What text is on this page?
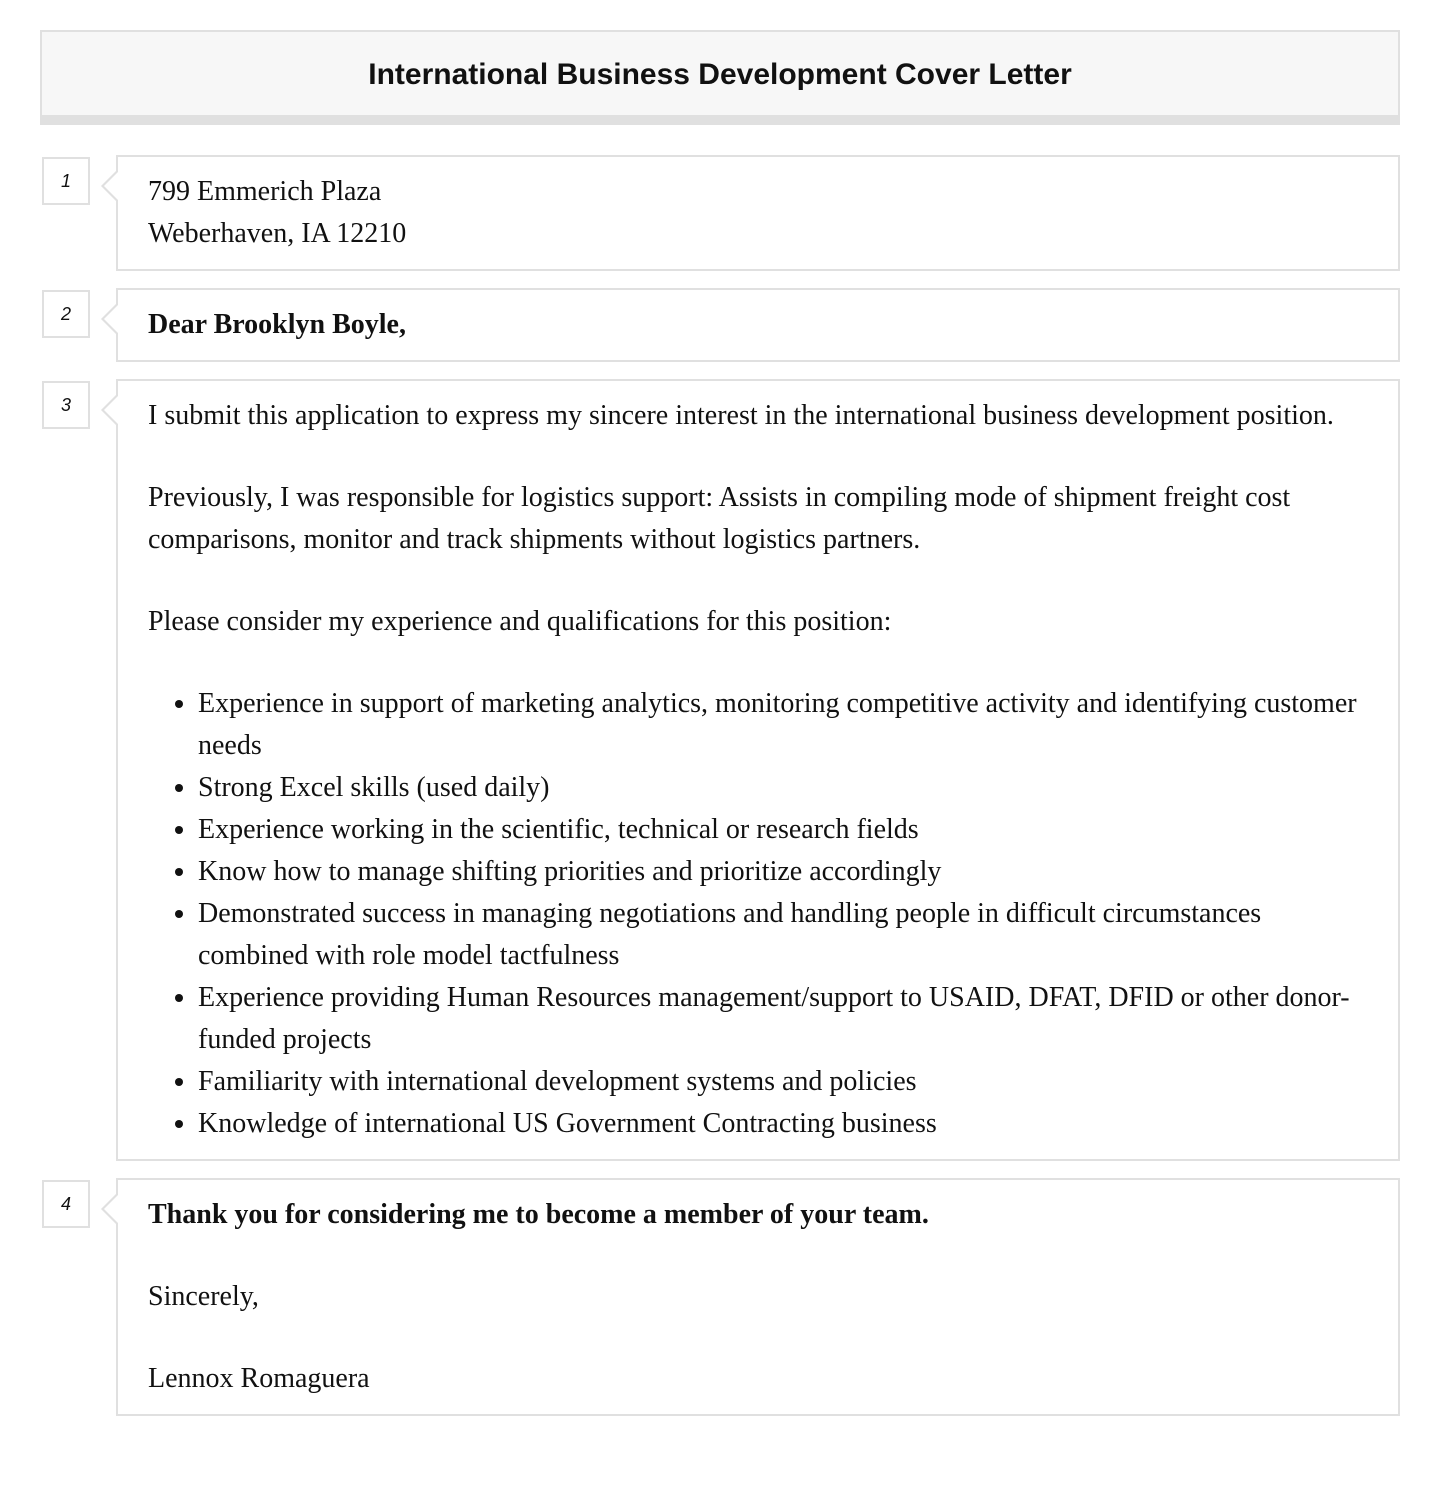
International Business Development Cover Letter
1	799 Emmerich Plaza
Weberhaven, IA 12210
2	Dear Brooklyn Boyle,
3	I submit this application to express my sincere interest in the international business development position.

Previously, I was responsible for logistics support: Assists in compiling mode of shipment freight cost comparisons, monitor and track shipments without logistics partners.

Please consider my experience and qualifications for this position:

• Experience in support of marketing analytics, monitoring competitive activity and identifying customer needs
• Strong Excel skills (used daily)
• Experience working in the scientific, technical or research fields
• Know how to manage shifting priorities and prioritize accordingly
• Demonstrated success in managing negotiations and handling people in difficult circumstances combined with role model tactfulness
• Experience providing Human Resources management/support to USAID, DFAT, DFID or other donor-funded projects
• Familiarity with international development systems and policies
• Knowledge of international US Government Contracting business
4	Thank you for considering me to become a member of your team.

Sincerely,

Lennox Romaguera
